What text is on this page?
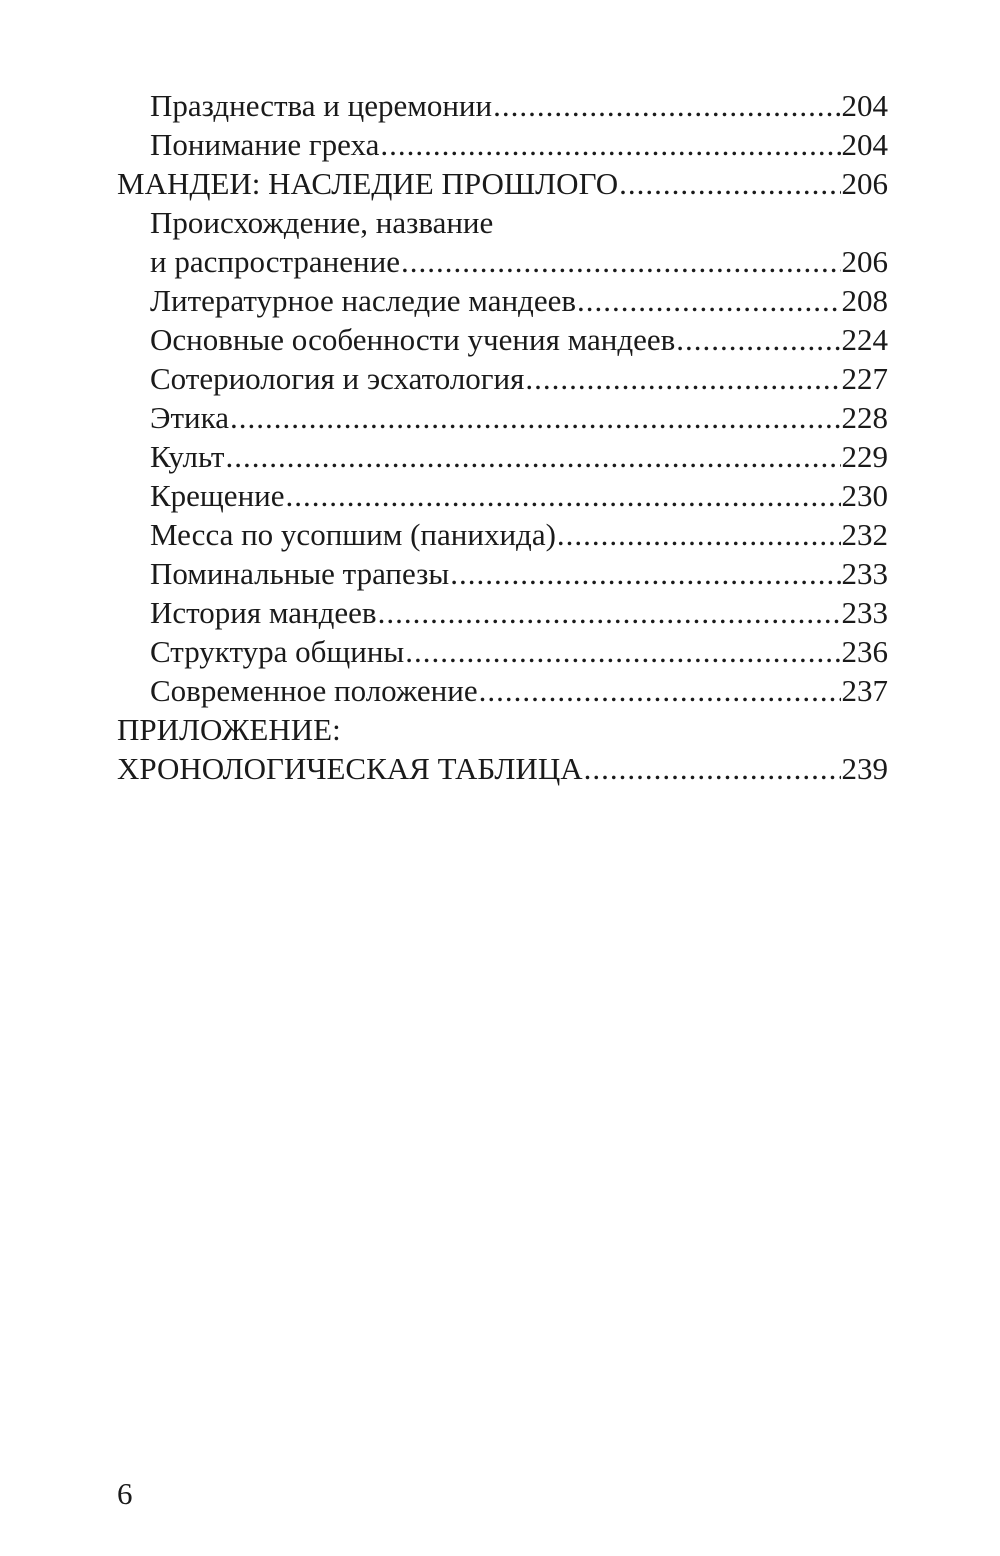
Празднества и церемонии .....	204
Понимание греха .....	204
МАНДЕИ: НАСЛЕДИЕ ПРОШЛОГО .....	206
Происхождение, название
и распространение .....	206
Литературное наследие мандеев .....	208
Основные особенности учения мандеев .....	224
Сотериология и эсхатология .....	227
Этика .....	228
Культ .....	229
Крещение .....	230
Месса по усопшим (панихида) .....	232
Поминальные трапезы .....	233
История мандеев .....	233
Структура общины .....	236
Современное положение .....	237
ПРИЛОЖЕНИЕ:
ХРОНОЛОГИЧЕСКАЯ ТАБЛИЦА .....	239
6
